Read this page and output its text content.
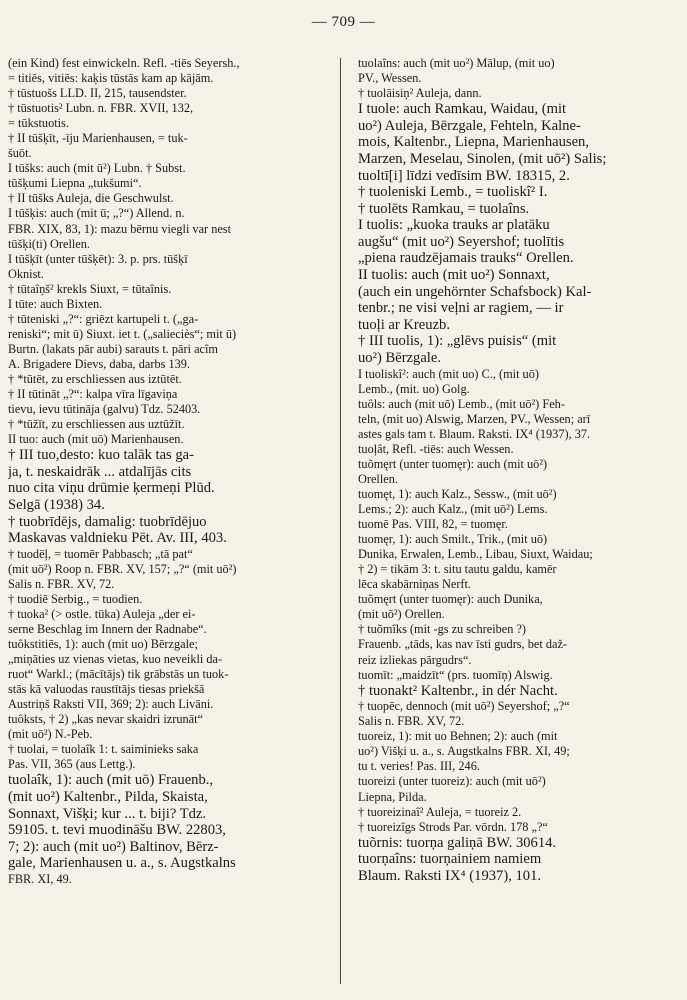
— 709 —
(ein Kind) fest einwickeln. Refl. -tiēs Seyersh.,
= titiēs, vitiēs: kaķis tūstās kam ap kājām.
† tūstuošs LLD. II, 215, tausendster.
† tūstuotis² Lubn. n. FBR. XVII, 132,
= tūkstuotis.
† II tūšķīt, -īju Marienhausen, = tuk-
šuōt.
I tūšks: auch (mit ū²) Lubn. † Subst.
tūšķumi Liepna „tukšumi“.
† II tūšks Auleja, die Geschwulst.
I tūšķis: auch (mit ū; „?“) Allend. n.
FBR. XIX, 83, 1): mazu bērnu viegli var nest
tūšķi(ti) Orellen.
I tūšķīt (unter tūšķēt): 3. p. prs. tūšķī
Oknist.
† tūtaîņš² krekls Siuxt, = tūtaînis.
I tūte: auch Bixten.
† tūteniski „?“: griēzt kartupeli t. („ga-
reniski“; mit ū) Siuxt. iet t. („salieciès“; mit ū)
Burtn. (lakats pār aubi) sarauts t. pāri acîm
A. Brigadere Dievs, daba, darbs 139.
† *tūtēt, zu erschliessen aus iztūtēt.
† II tūtināt „?“: kalpa vīra līgaviņa
tievu, ievu tūtināja (galvu) Tdz. 52403.
† *tūžīt, zu erschliessen aus uztūžīt.
II tuo: auch (mit uō) Marienhausen.
† III tuo,desto: kuo talāk tas ga-
ja, t. neskaidrāk ... atdalījās cits
nuo cita viņu drūmie ķermeņi Plūd.
Selgā (1938) 34.
† tuobrīdējs, damalig: tuobrīdējuo
Maskavas valdnieku Pēt. Av. III, 403.
† tuodēļ, = tuomēr Pabbasch; „tā pat“
(mit uō²) Roop n. FBR. XV, 157; „?“ (mit uō²)
Salis n. FBR. XV, 72.
† tuodiē Serbig., = tuodien.
† tuoka² (> ostle. tūka) Auleja „der ei-
serne Beschlag im Innern der Radnabe“.
tuôkstitiēs, 1): auch (mit uo) Bērzgale;
„miņāties uz vienas vietas, kuo neveikli da-
ruot“ Warkl.; (mācītājs) tik grābstās un tuok-
stās kā valuodas raustītājs tiesas priekšā
Austriņš Raksti VII, 369; 2): auch Livāni.
tuôksts, † 2) „kas nevar skaidri izrunāt“
(mit uō²) N.-Peb.
† tuolai, = tuolaîk 1: t. saiminieks saka
Pas. VII, 365 (aus Lettg.).
tuolaîk, 1): auch (mit uō) Frauenb.,
(mit uo²) Kaltenbr., Pilda, Skaista,
Sonnaxt, Višķi; kur ... t. biji? Tdz.
59105. t. tevi muodināšu BW. 22803,
7; 2): auch (mit uo²) Baltinov, Bērz-
gale, Marienhausen u. a., s. Augstkalns
FBR. XI, 49.
tuolaîns: auch (mit uo²) Mālup, (mit uo)
PV., Wessen.
† tuolāisiņ² Auleja, dann.
I tuole: auch Ramkau, Waidau, (mit
uo²) Auleja, Bērzgale, Fehteln, Kalne-
mois, Kaltenbr., Liepna, Marienhausen,
Marzen, Meselau, Sinolen, (mit uō²) Salis;
tuoltī[i] līdzi vedīsim BW. 18315, 2.
† tuoleniski Lemb., = tuoliskî² I.
† tuolēts Ramkau, = tuolaîns.
I tuolis: „kuoka trauks ar platāku
augšu“ (mit uo²) Seyershof; tuolītis
„piena raudzējamais trauks“ Orellen.
II tuolis: auch (mit uo²) Sonnaxt,
(auch ein ungehörnter Schafsbock) Kal-
tenbr.; ne visi veļni ar ragiem, — ir
tuoļi ar Kreuzb.
† III tuolis, 1): „glēvs puisis“ (mit
uo²) Bērzgale.
I tuoliskî²: auch (mit uo) C., (mit uō)
Lemb., (mit. uo) Golg.
tuôls: auch (mit uō) Lemb., (mit uō²) Feh-
teln, (mit uo) Alswig, Marzen, PV., Wessen; arī
astes gals tam t. Blaum. Raksti. IX⁴ (1937), 37.
tuoļât, Refl. -tiēs: auch Wessen.
tuõmęrt (unter tuomęr): auch (mit uō²)
Orellen.
tuomęt, 1): auch Kalz., Sessw., (mit uō²)
Lems.; 2): auch Kalz., (mit uō²) Lems.
tuomē Pas. VIII, 82, = tuomęr.
tuomęr, 1): auch Smilt., Trik., (mit uō)
Dunika, Erwalen, Lemb., Libau, Siuxt, Waidau;
† 2) = tikām 3: t. situ tautu galdu, kamēr
lēca skabārniņas Nerft.
tuõmęrt (unter tuomęr): auch Dunika,
(mit uō²) Orellen.
† tuõmîks (mit -gs zu schreiben ?)
Frauenb. „tāds, kas nav īsti gudrs, bet daž-
reiz izliekas pārgudrs“.
tuomīt: „maidzīt“ (prs. tuomīņ) Alswig.
† tuonakt² Kaltenbr., in dér Nacht.
† tuopēc, dennoch (mit uō²) Seyershof; „?“
Salis n. FBR. XV, 72.
tuoreiz, 1): mit uo Behnen; 2): auch (mit
uo²) Višķi u. a., s. Augstkalns FBR. XI, 49;
tu t. veries! Pas. III, 246.
tuoreizi (unter tuoreiz): auch (mit uō²)
Liepna, Pilda.
† tuoreizinaî² Auleja, = tuoreiz 2.
† tuoreizîgs Strods Par. vōrdn. 178 „?“
tuõrnis: tuorņa galiņā BW. 30614.
tuorņaîns: tuorņainiem namiem
Blaum. Raksti IX⁴ (1937), 101.
